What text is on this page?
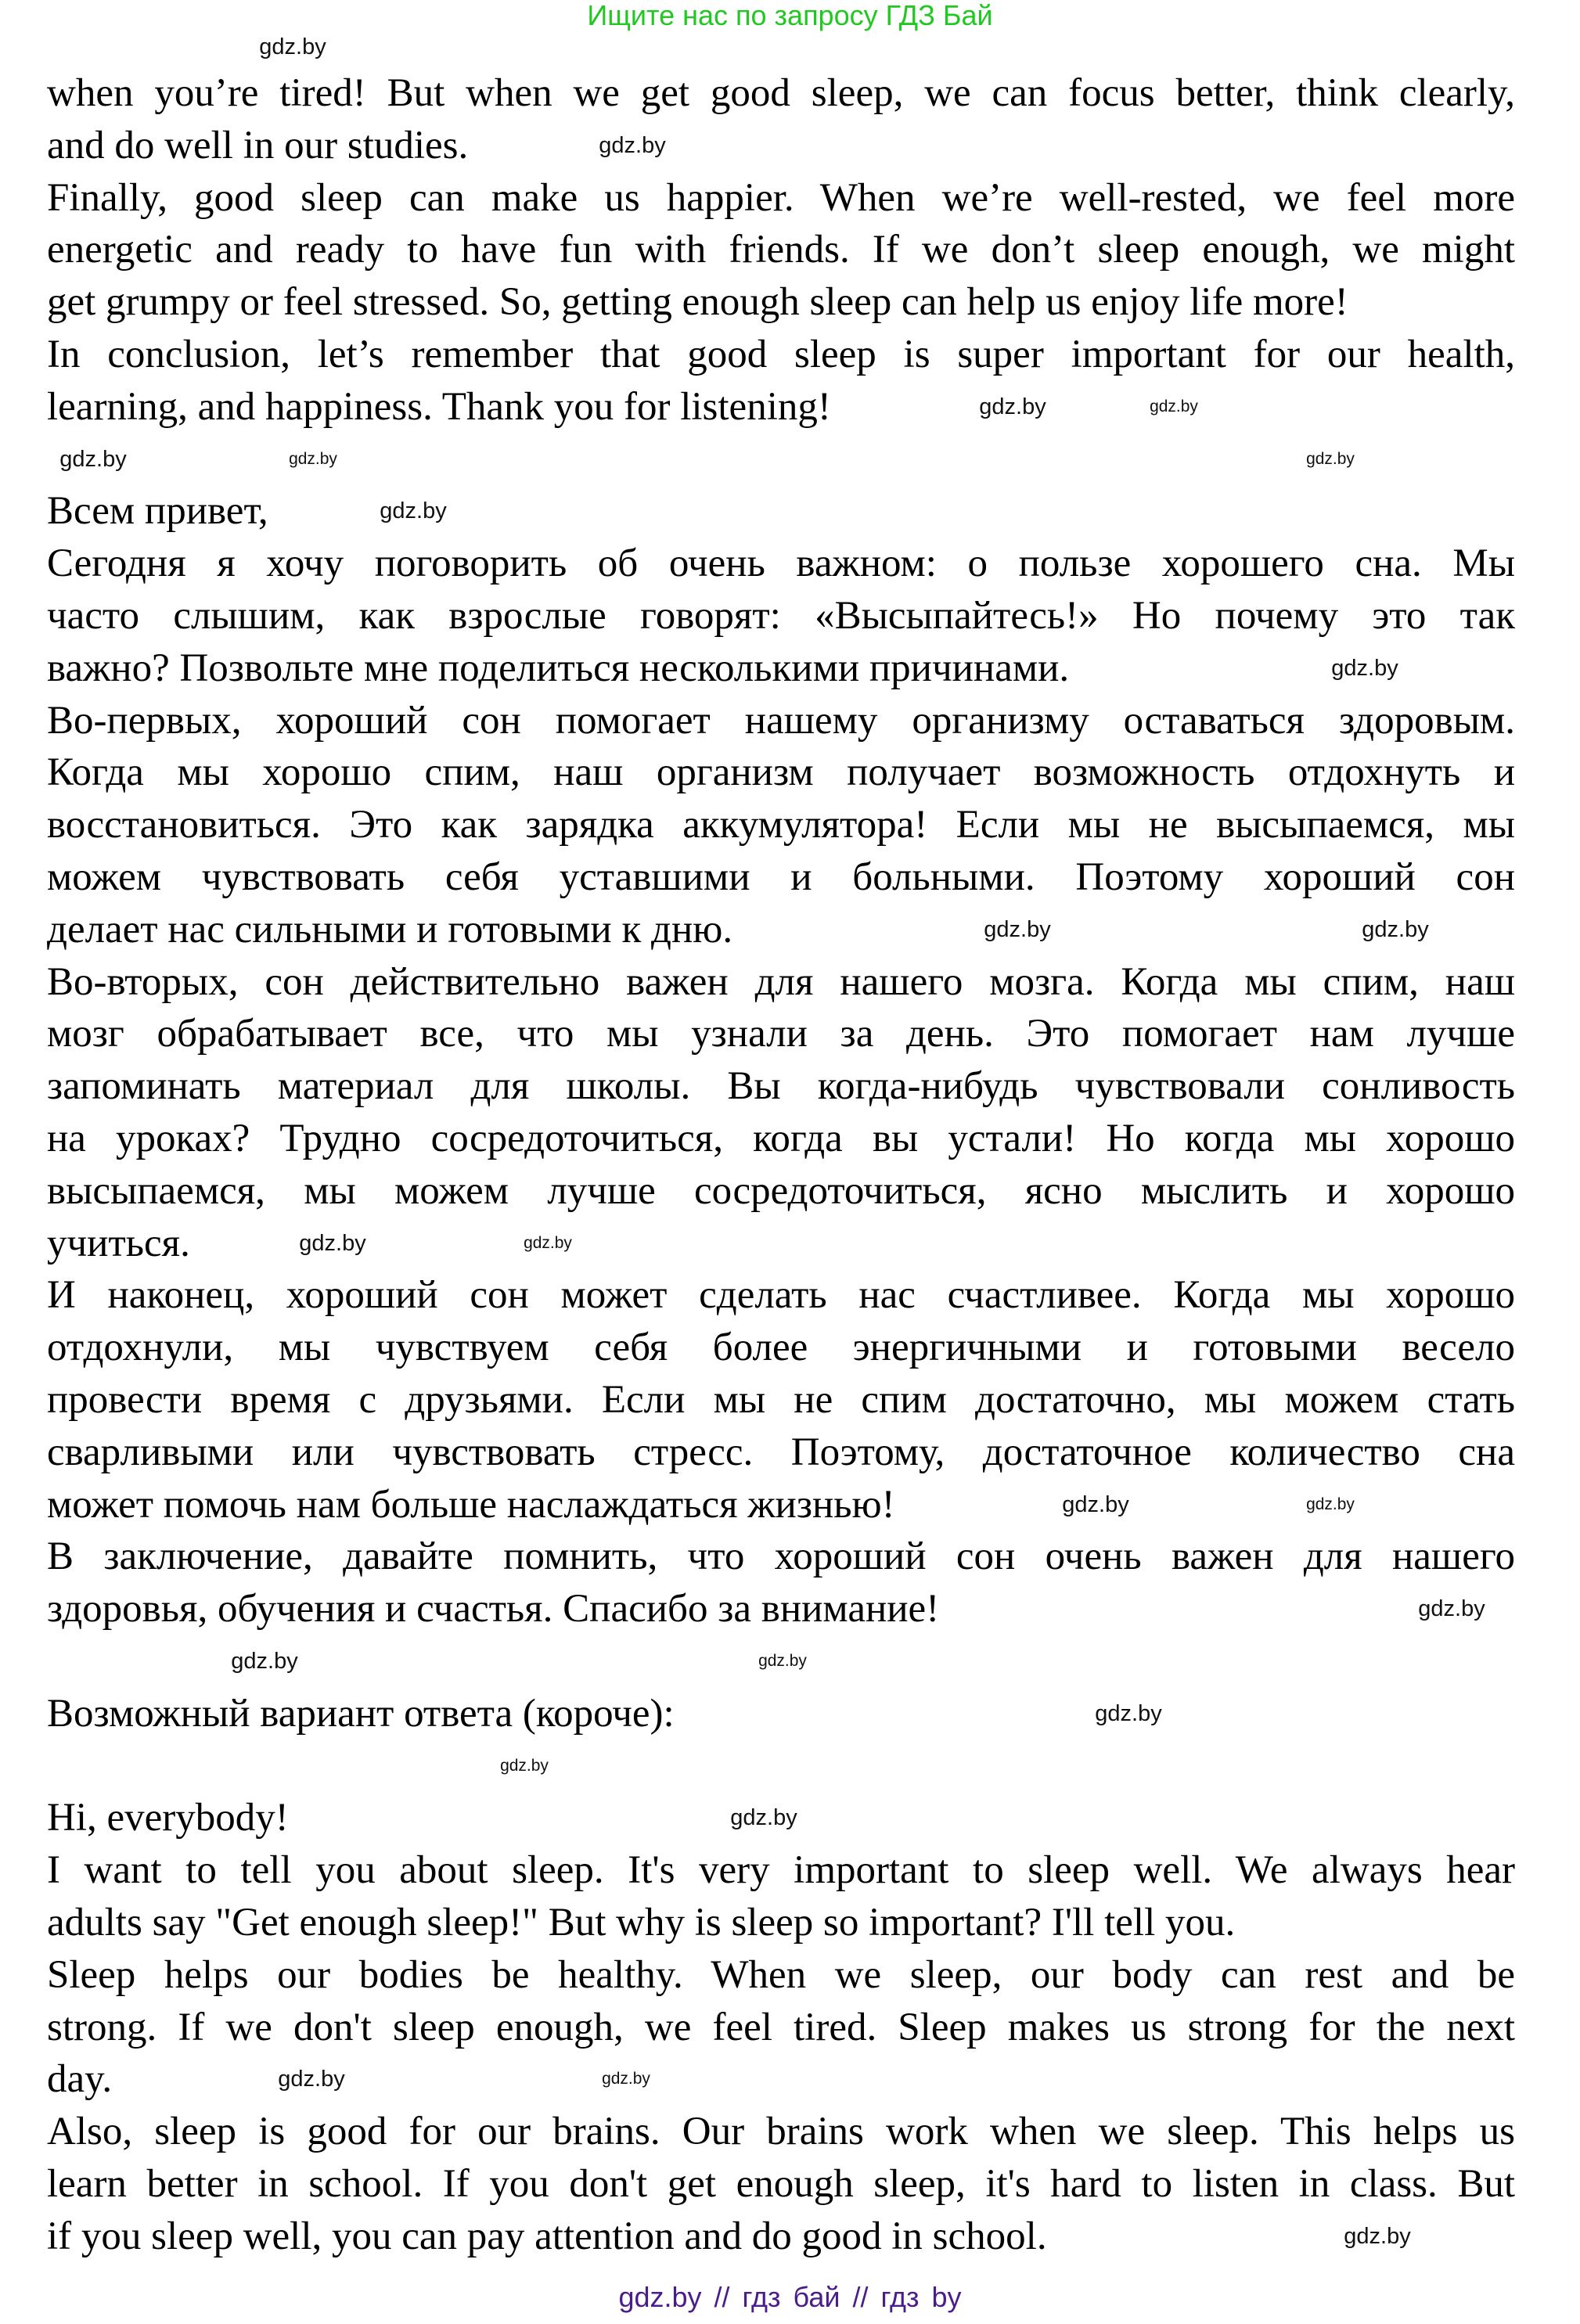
Ищите нас по запросу ГДЗ Бай
when you’re tired! But when we get good sleep, we can focus better, think clearly,
and do well in our studies.
Finally, good sleep can make us happier. When we’re well-rested, we feel more
energetic and ready to have fun with friends. If we don’t sleep enough, we might
get grumpy or feel stressed. So, getting enough sleep can help us enjoy life more!
In conclusion, let’s remember that good sleep is super important for our health,
learning, and happiness. Thank you for listening!
Всем привет,
Сегодня я хочу поговорить об очень важном: о пользе хорошего сна. Мы
часто слышим, как взрослые говорят: «Высыпайтесь!» Но почему это так
важно? Позвольте мне поделиться несколькими причинами.
Во-первых, хороший сон помогает нашему организму оставаться здоровым.
Когда мы хорошо спим, наш организм получает возможность отдохнуть и
восстановиться. Это как зарядка аккумулятора! Если мы не высыпаемся, мы
можем чувствовать себя уставшими и больными. Поэтому хороший сон
делает нас сильными и готовыми к дню.
Во-вторых, сон действительно важен для нашего мозга. Когда мы спим, наш
мозг обрабатывает все, что мы узнали за день. Это помогает нам лучше
запоминать материал для школы. Вы когда-нибудь чувствовали сонливость
на уроках? Трудно сосредоточиться, когда вы устали! Но когда мы хорошо
высыпаемся, мы можем лучше сосредоточиться, ясно мыслить и хорошо
учиться.
И наконец, хороший сон может сделать нас счастливее. Когда мы хорошо
отдохнули, мы чувствуем себя более энергичными и готовыми весело
провести время с друзьями. Если мы не спим достаточно, мы можем стать
сварливыми или чувствовать стресс. Поэтому, достаточное количество сна
может помочь нам больше наслаждаться жизнью!
В заключение, давайте помнить, что хороший сон очень важен для нашего
здоровья, обучения и счастья. Спасибо за внимание!
Возможный вариант ответа (короче):
Hi, everybody!
I want to tell you about sleep. It's very important to sleep well. We always hear
adults say "Get enough sleep!" But why is sleep so important? I'll tell you.
Sleep helps our bodies be healthy. When we sleep, our body can rest and be
strong. If we don't sleep enough, we feel tired. Sleep makes us strong for the next
day.
Also, sleep is good for our brains. Our brains work when we sleep. This helps us
learn better in school. If you don't get enough sleep, it's hard to listen in class. But
if you sleep well, you can pay attention and do good in school.
gdz.by
gdz.by
gdz.by
gdz.by
gdz.by
gdz.by
gdz.by
gdz.by
gdz.by
gdz.by
gdz.by
gdz.by
gdz.by
gdz.by
gdz.by
gdz.by
gdz.by
gdz.by
gdz.by
gdz.by
gdz.by
gdz.by	gdz.by
gdz.by
gdz.by // гдз бай // гдз by
